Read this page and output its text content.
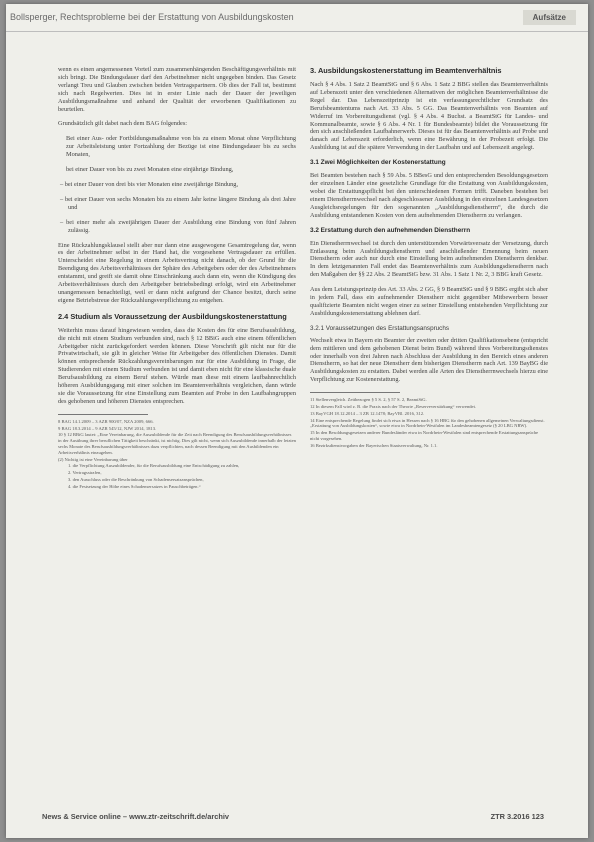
Bollsperger, Rechtsprobleme bei der Erstattung von Ausbildungskosten	Aufsätze

wenn es einen angemessenen Vorteil zum zusammenhängenden Beschäftigungsverhältnis mit sich bringt. Die Bindungsdauer darf den Arbeitnehmer nicht ungegeben binden. Das Gesetz verlangt Treu und Glauben zwischen beiden Vertragspartnern. Ob dies der Fall ist, bestimmt sich nach Regelwerten. Dies ist in erster Linie nach der Dauer der jeweiligen Ausbildungsmaßnahme und anhand der Qualität der erworbenen Qualifikationen zu beurteilen.

Grundsätzlich gilt dabei nach dem BAG folgendes:

Bei einer Aus- oder Fortbildungsmaßnahme von bis zu einem Monat ohne Verpflichtung zur Arbeitsleistung unter Fortzahlung der Bezüge ist eine Bindungsdauer bis zu sechs Monaten,

bei einer Dauer von bis zu zwei Monaten eine einjährige Bindung,

– bei einer Dauer von drei bis vier Monaten eine zweijährige Bindung,

– bei einer Dauer von sechs Monaten bis zu einem Jahr keine längere Bindung als drei Jahre und

– bei einer mehr als zweijährigen Dauer der Ausbildung eine Bindung von fünf Jahren zulässig.

Eine Rückzahlungsklausel stellt aber nur dann eine ausgewogene Gesamtregelung dar, wenn es der Arbeitnehmer selbst in der Hand hat, die vorgesehene Vertragsdauer zu erfüllen. Unterscheidet eine Regelung in einem Arbeitsvertrag nicht danach, ob der Grund für die Beendigung des Arbeitsverhältnisses der Sphäre des Arbeitgebers oder der des Arbeitnehmers entstammt, und greift sie damit ohne Einschränkung auch dann ein, wenn die Kündigung des Arbeitsverhältnisses durch den Arbeitgeber betriebsbedingt erfolgt, wird ein Arbeitnehmer unangemessen benachteiligt, weil er dann nicht aufgrund der Chance besitzt, durch seine eigene Betriebstreue der Rückzahlungsverpflichtung zu entgehen.

2.4 Studium als Voraussetzung der Ausbildungskostenerstattung

Weiterhin muss darauf hingewiesen werden, dass die Kosten des für eine Berufsausbildung, die nicht mit einem Studium verbunden sind, nach § 12 BBiG auch eine einem öffentlichen Arbeitgeber nicht zurückgefordert werden können. Diese Vorschrift gilt nicht nur für die Privatwirtschaft, sie gilt in gleicher Weise für Arbeitgeber des öffentlichen Dienstes. Damit können entsprechende Rückzahlungsvereinbarungen nur für eine Ausbildung in Frage, die Studierenden mit einem Studium verbunden ist und damit eben nicht für eine klassische duale Berufsausbildung zu einem Beruf stehen. Würde man diese mit einem laufbahnrechtlich höheren Ausbildungsgang mit einer solchen im Beamtenverhältnis vergleichen, dann würde sie die Voraussetzung für eine Einstellung zum Beamten auf Probe in den Laufbahngruppen des gehobenen und höheren Dienstes entsprechen.

8 BAG 14.1.2009 – 3 AZR 900/07, NZA 2009, 666.
9 BAG 18.3.2014 – 9 AZR 545/12, NJW 2014, 1813.
10 § 12 BBiG lautet: „Eine Vereinbarung, die Auszubildende für die Zeit nach Beendigung des Berufsausbildungsverhältnisses in der Ausübung ihrer beruflichen Tätigkeit beschränkt, ist nichtig. Dies gilt nicht, wenn sich Auszubildende innerhalb der letzten sechs Monate des Berufsausbildungsverhältnisses dazu verpflichten, nach dessen Beendigung mit den Ausbildenden ein Arbeitsverhältnis einzugehen.
(2) Nichtig ist eine Vereinbarung über
1. die Verpflichtung Auszubildender, für die Berufsausbildung eine Entschädigung zu zahlen,
2. Vertragsstrafen,
3. den Ausschluss oder die Beschränkung von Schadensersatzansprüchen,
4. die Festsetzung der Höhe eines Schadensersatzes in Pauschbeträgen.“
3. Ausbildungskostenerstattung im Beamtenverhältnis

Nach § 4 Abs. 1 Satz 2 BeamtStG und § 6 Abs. 1 Satz 2 BBG stellen das Beamtenverhältnis auf Lebenszeit unter den verschiedenen Alternativen der möglichen Beamtenverhältnisse die Regel dar. Das Lebenszeitprinzip ist ein verfassungsrechtlicher Grundsatz des Berufsbeamtentums nach Art. 33 Abs. 5 GG. Das Beamtenverhältnis von Beamten auf Widerruf im Vorbereitungsdienst (vgl. § 4 Abs. 4 Buchst. a BeamtStG für Landes- und Kommunalbeamte, sowie § 6 Abs. 4 Nr. 1 für Bundesbeamte) bildet die Voraussetzung für den sich anschließenden Laufbahnerwerb. Dieses ist für das Beamtenverhältnis auf Probe und danach auf Lebenszeit erforderlich, wenn eine Bewährung in der Probezeit erfolgt. Die Ausbildung ist auf die spätere Verwendung in der Laufbahn und auf Lebenszeit angelegt.

3.1 Zwei Möglichkeiten der Kostenerstattung

Bei Beamten bestehen nach § 59 Abs. 5 BBesG und den entsprechenden Besoldungsgesetzen der einzelnen Länder eine gesetzliche Grundlage für die Erstattung von Ausbildungskosten, wobei die Erstattungspflicht bei den unterschiedenen Formen trifft. Daneben bestehen bei einem Dienstherrnwechsel nach abgeschlossener Ausbildung in den einzelnen Landesgesetzen Ausgleichsregelungen für den sogenannten „Ausbildungsdienstherrn“, die durch die Ausbildung entstandenen Kosten von dem aufnehmenden Dienstherrn zu verlangen.

3.2 Erstattung durch den aufnehmenden Dienstherrn

Ein Dienstherrnwechsel ist durch den unterstützenden Vorwärtsversatz der Versetzung, durch Entlassung beim Ausbildungsdienstherrn und anschließender Ernennung beim neuen Dienstherrn oder auch nur durch eine Einstellung beim aufnehmenden Dienstherrn denkbar. In dem letztgenannten Fall endet das Beamtenverhältnis zum Ausbildungsdienstherrn nach den Maßgaben der §§ 22 Abs. 2 BeamtStG bzw. 31 Abs. 1 Satz 1 Nr. 2, 3 BBG kraft Gesetz.

Aus dem Leistungsprinzip des Art. 33 Abs. 2 GG, § 9 BeamtStG und § 9 BBG ergibt sich aber in jedem Fall, dass ein aufnehmender Dienstherr nicht gegenüber Mitbewerbern besser qualifizierte Beamten nicht wegen einer zu seiner Einstellung entstehenden Verpflichtung zur Ausbildungskostenerstattung ablehnen darf.

3.2.1 Voraussetzungen des Erstattungsanspruchs

Wechselt etwa in Bayern ein Beamter der zweiten oder dritten Qualifikationsebene (entspricht dem mittleren und dem gehobenen Dienst beim Bund) während ihres Vorbereitungsdienstes oder innerhalb von drei Jahren nach Abschluss der Ausbildung in den Bereich eines anderen Dienstherrn, so hat der neue Dienstherr dem bisherigen Dienstherrn nach Art. 139 BayBG die Ausbildungskosten zu erstatten. Dabei werden alle Arten des Dienstherrnwechsels hierzu eine Verpflichtung zur Kostenerstattung.

11 Stellenvergleich. Zeitbezogen § 5 S. 2, § 57 S. 2, BeamtStG.
12 In diesem Fall wird z. B. die Praxis nach der Theorie „Reserveverstärkung“ verwendet.
13 BayVGH 18.12.2014 – 3 ZB 12.1478; BayVBl. 2016, 312.
14 Eine entsprechende Regelung findet sich etwa in Hessen nach § 16 HBG für den gehobenen allgemeinen Verwaltungsdienst. „Erstattung von Ausbildungskosten“, sowie etwa in Nordrhein-Westfalen im Landesbeamtengesetz (§ 20 LBG NRW).
15 In den Besoldungsgesetzen anderer Bundesländer etwa in Nordrhein-Westfalen sind entsprechende Erstattungsansprüche nicht vorgesehen.
16 Bezirksdienstvorgaben der Bayerischen Staatsverwaltung, Nr. 1.1.
News & Service online – www.ztr-zeitschrift.de/archiv	ZTR 3.2016 123
